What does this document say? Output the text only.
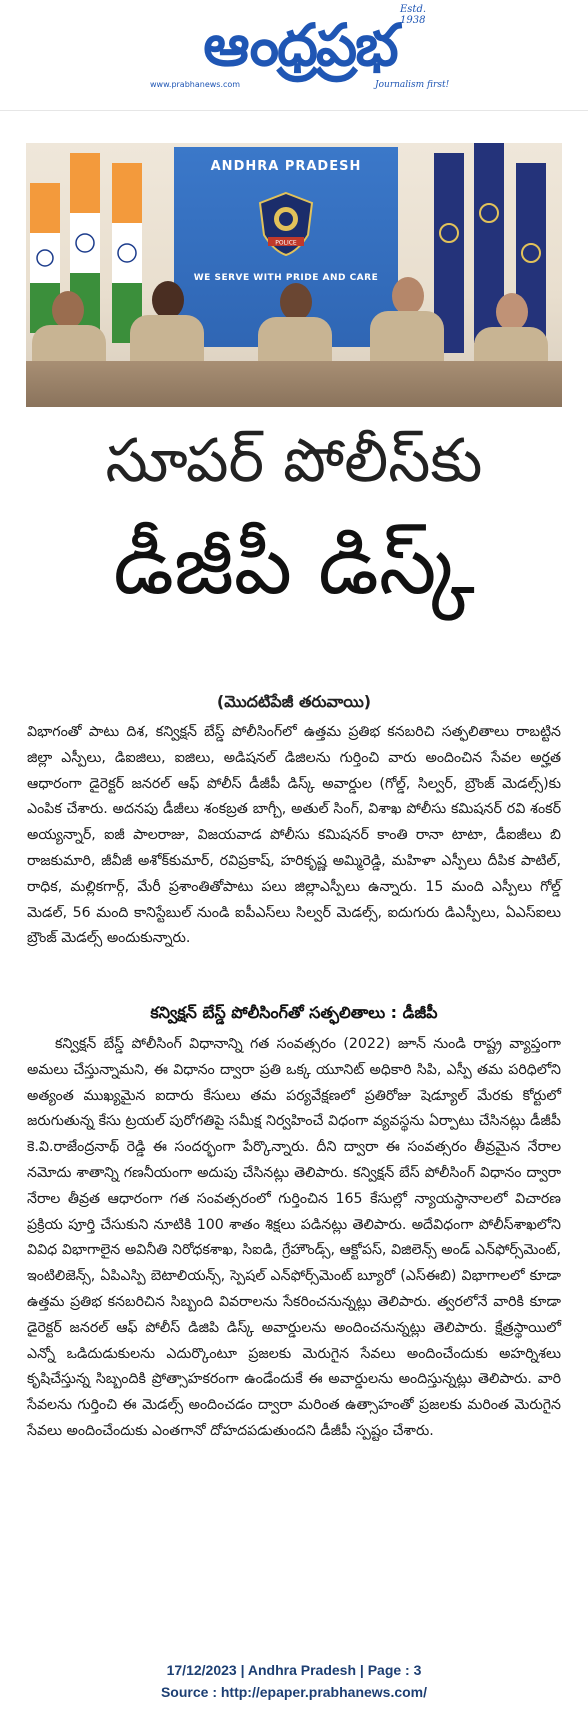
ఆంధ్రప్రభ
Estd. 1938
www.prabhanews.com	Journalism first!
ANDHRA PRADESH
POLICE
WE SERVE WITH PRIDE AND CARE
సూపర్ పోలీస్‌కు
డీజీపీ డిస్క్
(మొదటిపేజీ తరువాయి)
విభాగంతో పాటు దిశ, కన్విక్షన్ బేస్డ్ పోలీసింగ్‌లో ఉత్తమ ప్రతిభ కనబరిచి సత్ఫలితాలు రాబట్టిన జిల్లా ఎస్పీలు, డిఐజిలు, ఐజిలు, అడిషనల్ డిజిలను గుర్తించి వారు అందించిన సేవల అర్హత ఆధారంగా డైరెక్టర్ జనరల్ ఆఫ్ పోలీస్ డీజీపీ డిస్క్ అవార్డుల (గోల్డ్, సిల్వర్, బ్రౌంజ్ మెడల్స్)కు ఎంపిక చేశారు. అదనపు డీజీలు శంకబ్రత బాగ్చీ, అతుల్ సింగ్, విశాఖ పోలీసు కమిషనర్ రవి శంకర్ అయ్యన్నార్, ఐజీ పాలరాజు, విజయవాడ పోలీసు కమిషనర్ కాంతి రానా టాటా, డీఐజీలు బి రాజకుమారి, జీవీజీ అశోక్‌కుమార్, రవిప్రకాష్, హరికృష్ణ అమ్మిరెడ్డి, మహిళా ఎస్పీలు దీపిక పాటిల్, రాధిక, మల్లికగార్గ్, మేరీ ప్రశాంతితోపాటు పలు జిల్లాఎస్పీలు ఉన్నారు. 15 మంది ఎస్పీలు గోల్డ్ మెడల్, 56 మంది కానిస్టేబుల్ నుండి ఐపీఎస్‌లు సిల్వర్ మెడల్స్, ఐదుగురు డిఎస్పీలు, ఏఎస్ఐలు బ్రౌంజ్ మెడల్స్ అందుకున్నారు.
కన్విక్షన్ బేస్డ్ పోలీసింగ్‌తో సత్ఫలితాలు : డీజీపీ
కన్విక్షన్ బేస్డ్ పోలీసింగ్ విధానాన్ని గత సంవత్సరం (2022) జూన్ నుండి రాష్ట్ర వ్యాప్తంగా అమలు చేస్తున్నామని, ఈ విధానం ద్వారా ప్రతి ఒక్క యూనిట్ అధికారి సిపి, ఎస్పీ తమ పరిధిలోని అత్యంత ముఖ్యమైన ఐదారు కేసులు తమ పర్యవేక్షణలో ప్రతిరోజు షెడ్యూల్ మేరకు కోర్టులో జరుగుతున్న కేసు ట్రయల్ పురోగతిపై సమీక్ష నిర్వహించే విధంగా వ్యవస్థను ఏర్పాటు చేసినట్లు డీజీపీ కె.వి.రాజేంద్రనాథ్ రెడ్డి ఈ సందర్భంగా పేర్కొన్నారు. దీని ద్వారా ఈ సంవత్సరం తీవ్రమైన నేరాల నమోదు శాతాన్ని గణనీయంగా అదుపు చేసినట్లు తెలిపారు. కన్విక్షన్ బేస్ పోలీసింగ్ విధానం ద్వారా నేరాల తీవ్రత ఆధారంగా గత సంవత్సరంలో గుర్తించిన 165 కేసుల్లో న్యాయస్థానాలలో విచారణ ప్రక్రియ పూర్తి చేసుకుని నూటికి 100 శాతం శిక్షలు పడినట్లు తెలిపారు. అదేవిధంగా పోలీస్‌శాఖలోని వివిధ విభాగాలైన అవినీతి నిరోధకశాఖ, సిఐడి, గ్రేహౌండ్స్, ఆక్టోపస్, విజిలెన్స్ అండ్ ఎన్‌ఫోర్స్‌మెంట్, ఇంటిలిజెన్స్, ఏపిఎస్పి బెటాలియన్స్, స్పెషల్ ఎన్‌ఫోర్స్‌మెంట్ బ్యూరో (ఎస్ఈబి) విభాగాలలో కూడా ఉత్తమ ప్రతిభ కనబరిచిన సిబ్బంది వివరాలను సేకరించనున్నట్లు తెలిపారు. త్వరలోనే వారికి కూడా డైరెక్టర్ జనరల్ ఆఫ్ పోలీస్ డిజిపి డిస్క్ అవార్డులను అందించనున్నట్లు తెలిపారు. క్షేత్రస్థాయిలో ఎన్నో ఒడిదుడుకులను ఎదుర్కొంటూ ప్రజలకు మెరుగైన సేవలు అందించేందుకు అహర్నిశలు కృషిచేస్తున్న సిబ్బందికి ప్రోత్సాహకరంగా ఉండేందుకే ఈ అవార్డులను అందిస్తున్నట్లు తెలిపారు. వారి సేవలను గుర్తించి ఈ మెడల్స్ అందించడం ద్వారా మరింత ఉత్సాహంతో ప్రజలకు మరింత మెరుగైన సేవలు అందించేందుకు ఎంతగానో దోహదపడుతుందని డీజీపీ స్పష్టం చేశారు.
17/12/2023 | Andhra Pradesh | Page : 3
Source : http://epaper.prabhanews.com/
